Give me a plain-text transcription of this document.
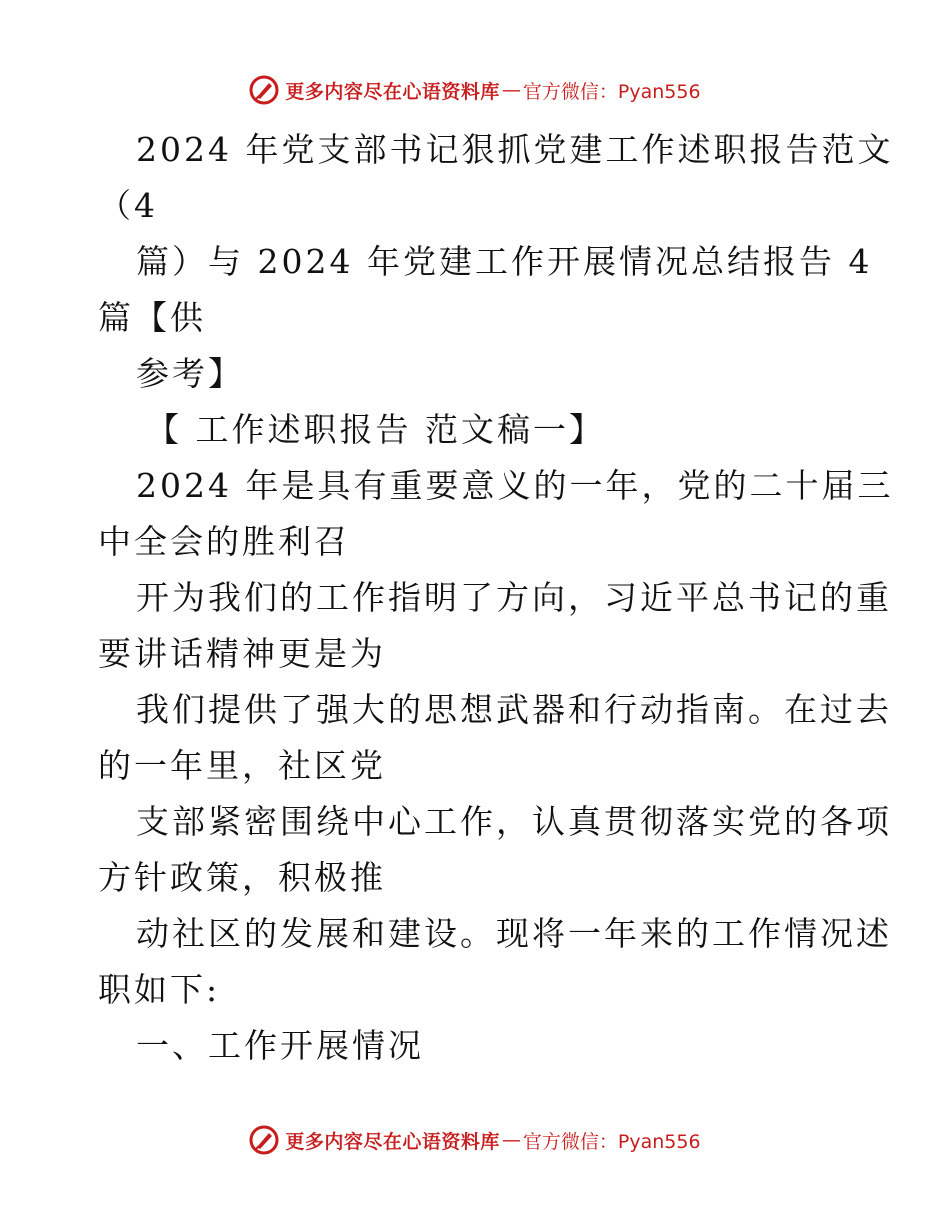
更多内容尽在心语资料库 — 官方微信：Pyan556
2024 年党支部书记狠抓党建工作述职报告范文
（4
篇）与 2024 年党建工作开展情况总结报告 4
篇【供
参考】
【 工作述职报告 范文稿一】
2024 年是具有重要意义的一年，党的二十届三
中全会的胜利召
开为我们的工作指明了方向，习近平总书记的重
要讲话精神更是为
我们提供了强大的思想武器和行动指南。在过去
的一年里，社区党
支部紧密围绕中心工作，认真贯彻落实党的各项
方针政策，积极推
动社区的发展和建设。现将一年来的工作情况述
职如下:
一、工作开展情况
更多内容尽在心语资料库 — 官方微信：Pyan556
